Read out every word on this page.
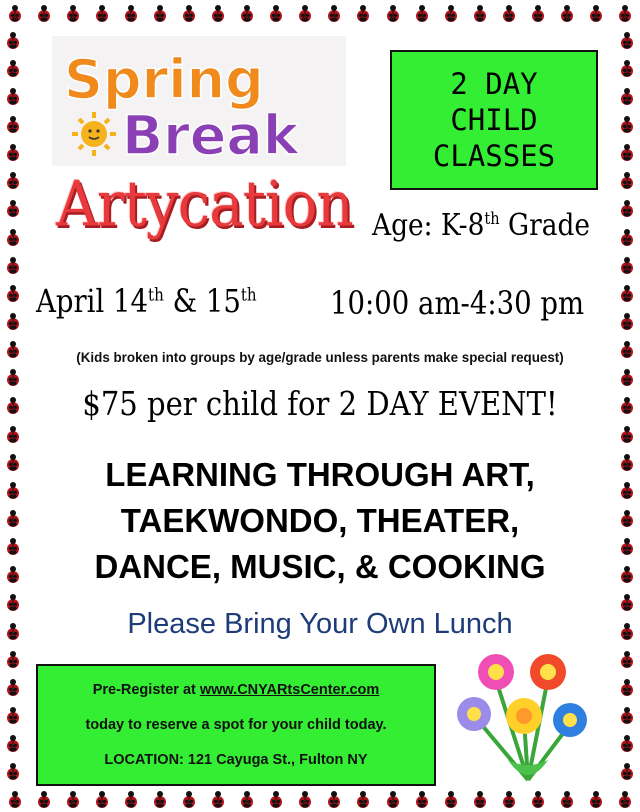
Spring
Break
2 DAY
CHILD
CLASSES
Artycation Age: K-8th Grade
April 14th & 15th 10:00 am-4:30 pm
(Kids broken into groups by age/grade unless parents make special request)
$75 per child for 2 DAY EVENT!
LEARNING THROUGH ART,
TAEKWONDO, THEATER,
DANCE, MUSIC, & COOKING
Please Bring Your Own Lunch
Pre-Register at www.CNYARtsCenter.com
today to reserve a spot for your child today.
LOCATION: 121 Cayuga St., Fulton NY
